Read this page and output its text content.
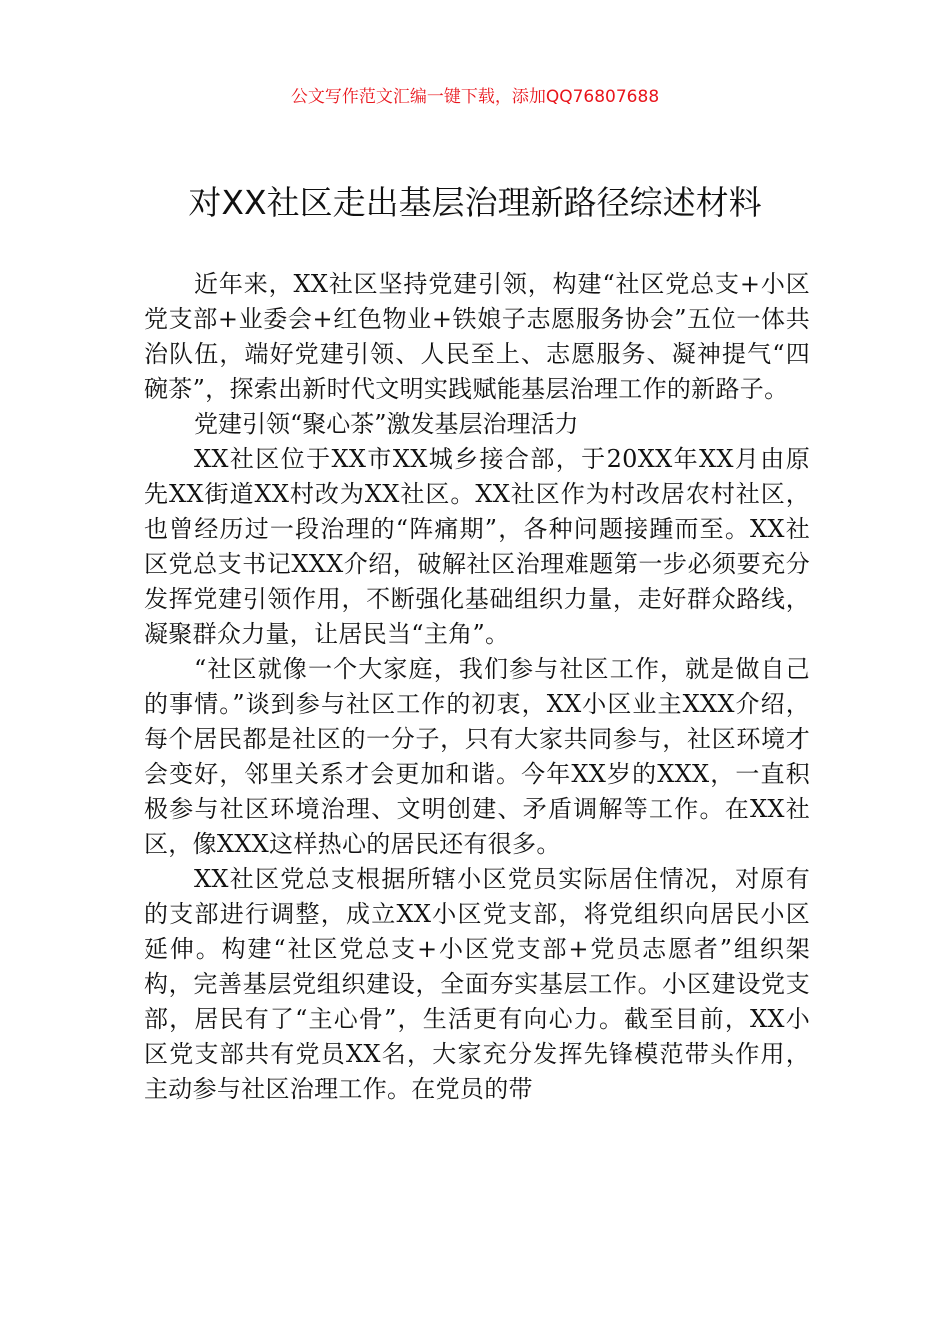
公文写作范文汇编一键下载，添加QQ76807688
对XX社区走出基层治理新路径综述材料

近年来，XX社区坚持党建引领，构建“社区党总支+小区党支部+业委会+红色物业+铁娘子志愿服务协会”五位一体共治队伍，端好党建引领、人民至上、志愿服务、凝神提气“四碗茶”，探索出新时代文明实践赋能基层治理工作的新路子。

党建引领“聚心茶”激发基层治理活力

XX社区位于XX市XX城乡接合部，于20XX年XX月由原先XX街道XX村改为XX社区。XX社区作为村改居农村社区，也曾经历过一段治理的“阵痛期”，各种问题接踵而至。XX社区党总支书记XXX介绍，破解社区治理难题第一步必须要充分发挥党建引领作用，不断强化基础组织力量，走好群众路线，凝聚群众力量，让居民当“主角”。

“社区就像一个大家庭，我们参与社区工作，就是做自己的事情。”谈到参与社区工作的初衷，XX小区业主XXX介绍，每个居民都是社区的一分子，只有大家共同参与，社区环境才会变好，邻里关系才会更加和谐。今年XX岁的XXX，一直积极参与社区环境治理、文明创建、矛盾调解等工作。在XX社区，像XXX这样热心的居民还有很多。

XX社区党总支根据所辖小区党员实际居住情况，对原有的支部进行调整，成立XX小区党支部，将党组织向居民小区延伸。构建“社区党总支+小区党支部+党员志愿者”组织架构，完善基层党组织建设，全面夯实基层工作。小区建设党支部，居民有了“主心骨”，生活更有向心力。截至目前，XX小区党支部共有党员XX名，大家充分发挥先锋模范带头作用，主动参与社区治理工作。在党员的带
